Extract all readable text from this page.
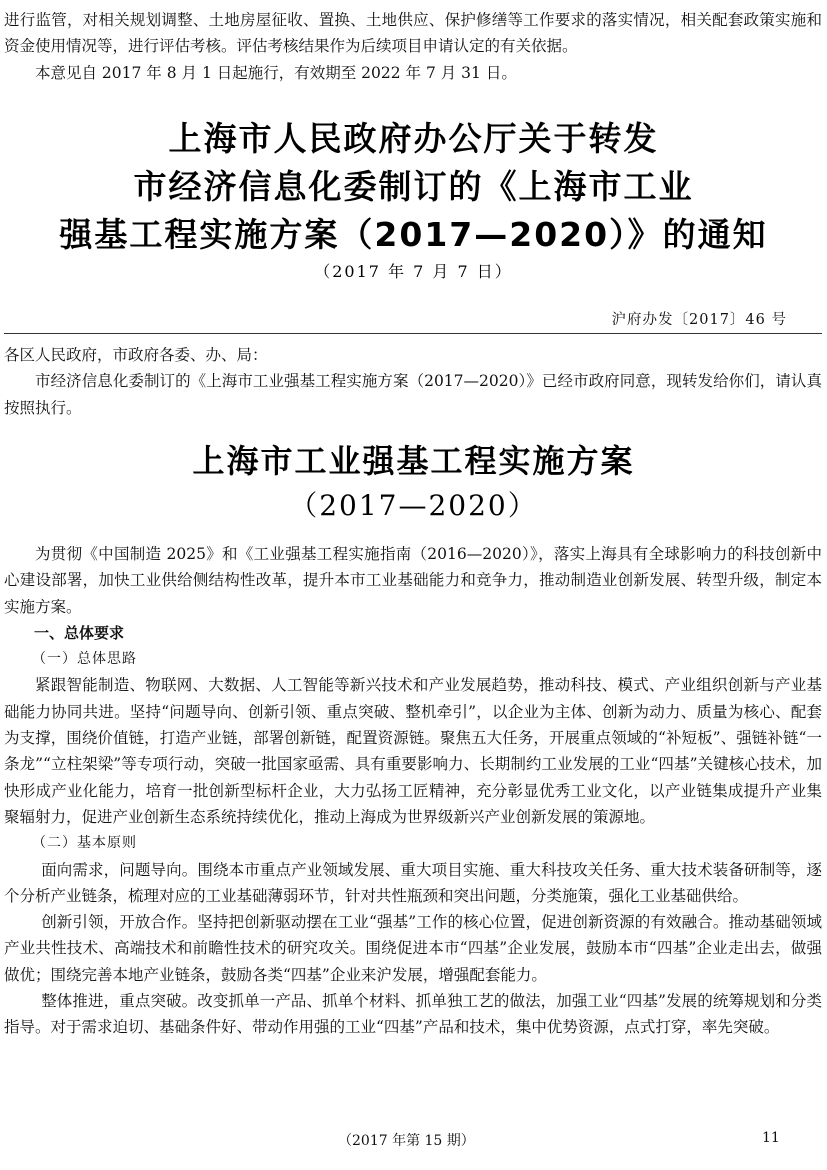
进行监管，对相关规划调整、土地房屋征收、置换、土地供应、保护修缮等工作要求的落实情况，相关配套政策实施和资金使用情况等，进行评估考核。评估考核结果作为后续项目申请认定的有关依据。

本意见自 2017 年 8 月 1 日起施行，有效期至 2022 年 7 月 31 日。

上海市人民政府办公厅关于转发
市经济信息化委制订的《上海市工业
强基工程实施方案（2017—2020）》的通知
（2017 年 7 月 7 日）
沪府办发〔2017〕46 号

各区人民政府，市政府各委、办、局：

市经济信息化委制订的《上海市工业强基工程实施方案（2017—2020）》已经市政府同意，现转发给你们，请认真按照执行。

上海市工业强基工程实施方案
（2017—2020）

为贯彻《中国制造 2025》和《工业强基工程实施指南（2016—2020）》，落实上海具有全球影响力的科技创新中心建设部署，加快工业供给侧结构性改革，提升本市工业基础能力和竞争力，推动制造业创新发展、转型升级，制定本实施方案。

一、总体要求

（一）总体思路

紧跟智能制造、物联网、大数据、人工智能等新兴技术和产业发展趋势，推动科技、模式、产业组织创新与产业基础能力协同共进。坚持“问题导向、创新引领、重点突破、整机牵引”，以企业为主体、创新为动力、质量为核心、配套为支撑，围绕价值链，打造产业链，部署创新链，配置资源链。聚焦五大任务，开展重点领域的“补短板”、强链补链“一条龙”“立柱架梁”等专项行动，突破一批国家亟需、具有重要影响力、长期制约工业发展的工业“四基”关键核心技术，加快形成产业化能力，培育一批创新型标杆企业，大力弘扬工匠精神，充分彰显优秀工业文化，以产业链集成提升产业集聚辐射力，促进产业创新生态系统持续优化，推动上海成为世界级新兴产业创新发展的策源地。

（二）基本原则

面向需求，问题导向。围绕本市重点产业领域发展、重大项目实施、重大科技攻关任务、重大技术装备研制等，逐个分析产业链条，梳理对应的工业基础薄弱环节，针对共性瓶颈和突出问题，分类施策，强化工业基础供给。

创新引领，开放合作。坚持把创新驱动摆在工业“强基”工作的核心位置，促进创新资源的有效融合。推动基础领域产业共性技术、高端技术和前瞻性技术的研究攻关。围绕促进本市“四基”企业发展，鼓励本市“四基”企业走出去，做强做优；围绕完善本地产业链条，鼓励各类“四基”企业来沪发展，增强配套能力。

整体推进，重点突破。改变抓单一产品、抓单个材料、抓单独工艺的做法，加强工业“四基”发展的统筹规划和分类指导。对于需求迫切、基础条件好、带动作用强的工业“四基”产品和技术，集中优势资源，点式打穿，率先突破。

（2017 年第 15 期）	11
